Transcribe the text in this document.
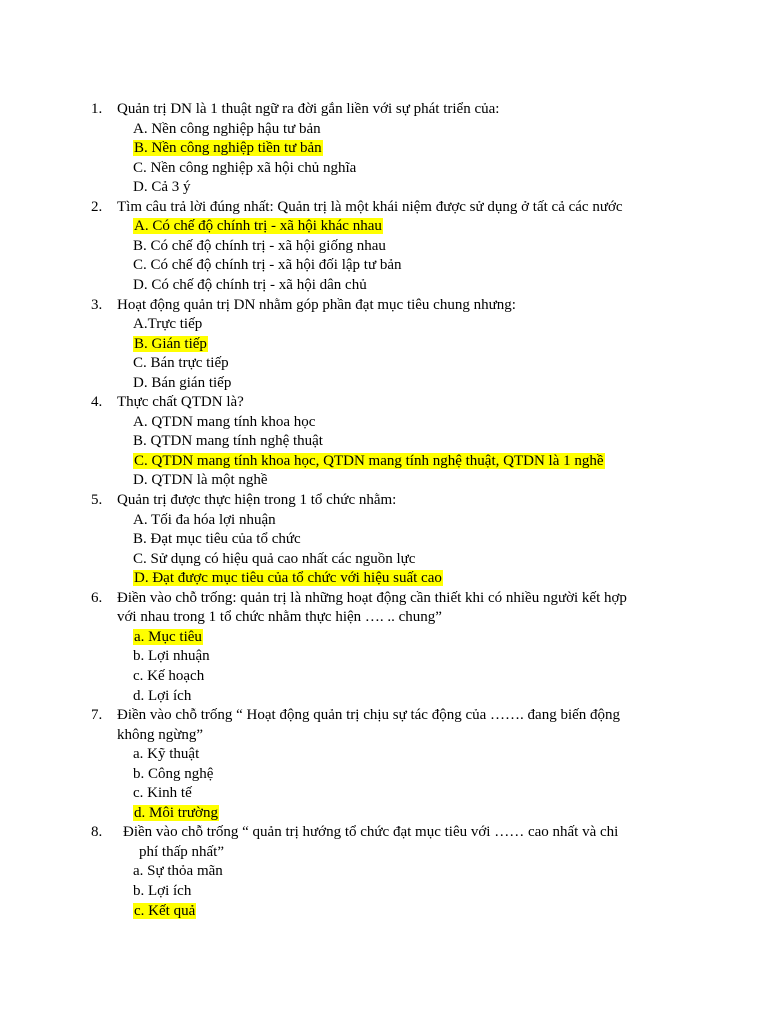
1. Quản trị DN là 1 thuật ngữ ra đời gắn liền với sự phát triển của:
A. Nền công nghiệp hậu tư bản
B. Nền công nghiệp tiền tư bản
C. Nền công nghiệp xã hội chủ nghĩa
D. Cả 3 ý
2. Tìm câu trả lời đúng nhất: Quản trị là một khái niệm được sử dụng ở tất cả các nước
A. Có chế độ chính trị - xã hội khác nhau
B. Có chế độ chính trị - xã hội giống nhau
C. Có chế độ chính trị - xã hội đối lập tư bản
D. Có chế độ chính trị - xã hội dân chủ
3. Hoạt động quản trị DN nhằm góp phần đạt mục tiêu chung nhưng:
A.Trực tiếp
B. Gián tiếp
C. Bán trực tiếp
D. Bán gián tiếp
4. Thực chất QTDN là?
A. QTDN mang tính khoa học
B. QTDN mang tính nghệ thuật
C. QTDN mang tính khoa học, QTDN mang tính nghệ thuật, QTDN là 1 nghề
D. QTDN là một nghề
5. Quản trị được thực hiện trong 1 tổ chức nhằm:
A. Tối đa hóa lợi nhuận
B. Đạt mục tiêu của tổ chức
C. Sử dụng có hiệu quả cao nhất các nguồn lực
D. Đạt được mục tiêu của tổ chức với hiệu suất cao
6. Điền vào chỗ trống: quản trị là những hoạt động cần thiết khi có nhiều người kết hợp
với nhau trong 1 tổ chức nhằm thực hiện …. .. chung”
a. Mục tiêu
b. Lợi nhuận
c. Kế hoạch
d. Lợi ích
7. Điền vào chỗ trống “ Hoạt động quản trị chịu sự tác động của ……. đang biến động
không ngừng”
a. Kỹ thuật
b. Công nghệ
c. Kinh tế
d. Môi trường
8. Điền vào chỗ trống “ quản trị hướng tổ chức đạt mục tiêu với …… cao nhất và chi
phí thấp nhất”
a. Sự thỏa mãn
b. Lợi ích
c. Kết quả
